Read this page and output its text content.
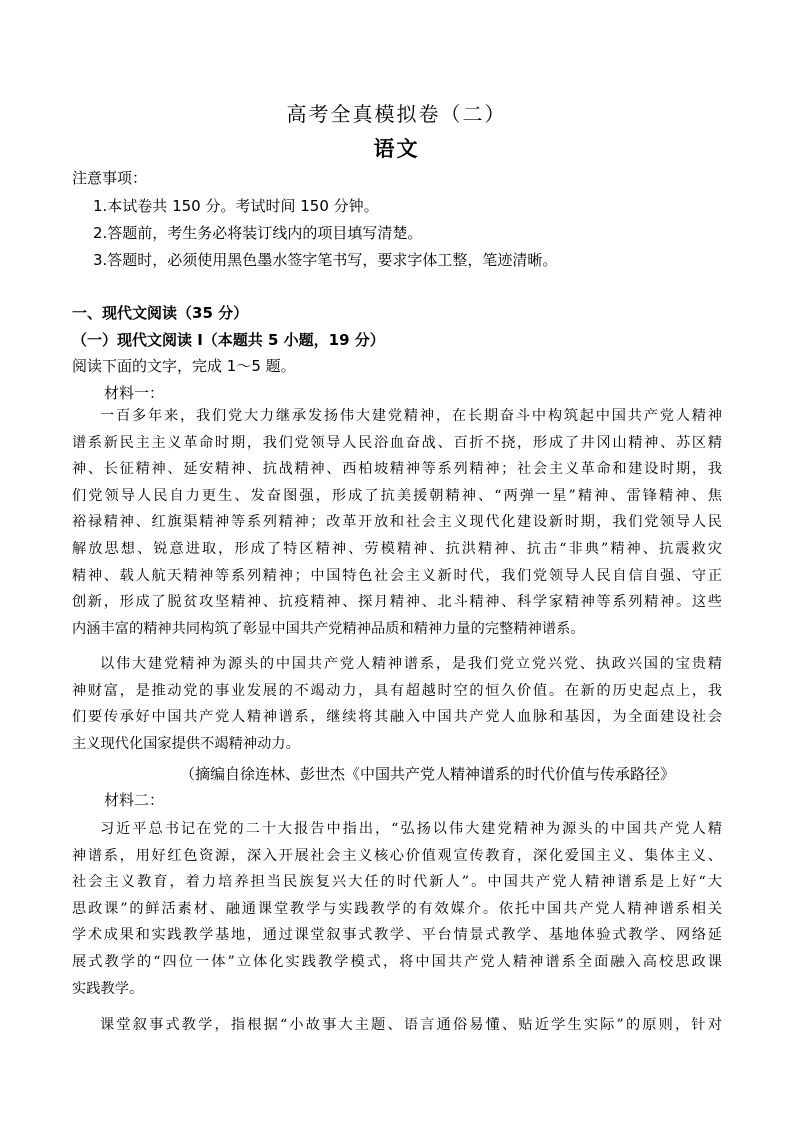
高考全真模拟卷（二）
语文
注意事项：
1.本试卷共 150 分。考试时间 150 分钟。
2.答题前，考生务必将装订线内的项目填写清楚。
3.答题时，必须使用黑色墨水签字笔书写，要求字体工整，笔迹清晰。
一、现代文阅读（35 分）
（一）现代文阅读 I（本题共 5 小题，19 分）
阅读下面的文字，完成 1～5 题。
材料一：
一百多年来，我们党大力继承发扬伟大建党精神，在长期奋斗中构筑起中国共产党人精神
谱系新民主主义革命时期，我们党领导人民浴血奋战、百折不挠，形成了井冈山精神、苏区精
神、长征精神、延安精神、抗战精神、西柏坡精神等系列精神；社会主义革命和建设时期，我
们党领导人民自力更生、发奋图强，形成了抗美援朝精神、“两弹一星”精神、雷锋精神、焦
裕禄精神、红旗渠精神等系列精神；改革开放和社会主义现代化建设新时期，我们党领导人民
解放思想、锐意进取，形成了特区精神、劳模精神、抗洪精神、抗击“非典”精神、抗震救灾
精神、载人航天精神等系列精神；中国特色社会主义新时代，我们党领导人民自信自强、守正
创新，形成了脱贫攻坚精神、抗疫精神、探月精神、北斗精神、科学家精神等系列精神。这些
内涵丰富的精神共同构筑了彰显中国共产党精神品质和精神力量的完整精神谱系。
以伟大建党精神为源头的中国共产党人精神谱系，是我们党立党兴党、执政兴国的宝贵精
神财富，是推动党的事业发展的不竭动力，具有超越时空的恒久价值。在新的历史起点上，我
们要传承好中国共产党人精神谱系，继续将其融入中国共产党人血脉和基因，为全面建设社会
主义现代化国家提供不竭精神动力。
（摘编自徐连林、彭世杰《中国共产党人精神谱系的时代价值与传承路径》
材料二：
习近平总书记在党的二十大报告中指出，“弘扬以伟大建党精神为源头的中国共产党人精
神谱系，用好红色资源，深入开展社会主义核心价值观宣传教育，深化爱国主义、集体主义、
社会主义教育，着力培养担当民族复兴大任的时代新人”。中国共产党人精神谱系是上好“大
思政课”的鲜活素材、融通课堂教学与实践教学的有效媒介。依托中国共产党人精神谱系相关
学术成果和实践教学基地，通过课堂叙事式教学、平台情景式教学、基地体验式教学、网络延
展式教学的“四位一体”立体化实践教学模式，将中国共产党人精神谱系全面融入高校思政课
实践教学。
课堂叙事式教学，指根据“小故事大主题、语言通俗易懂、贴近学生实际”的原则，针对
